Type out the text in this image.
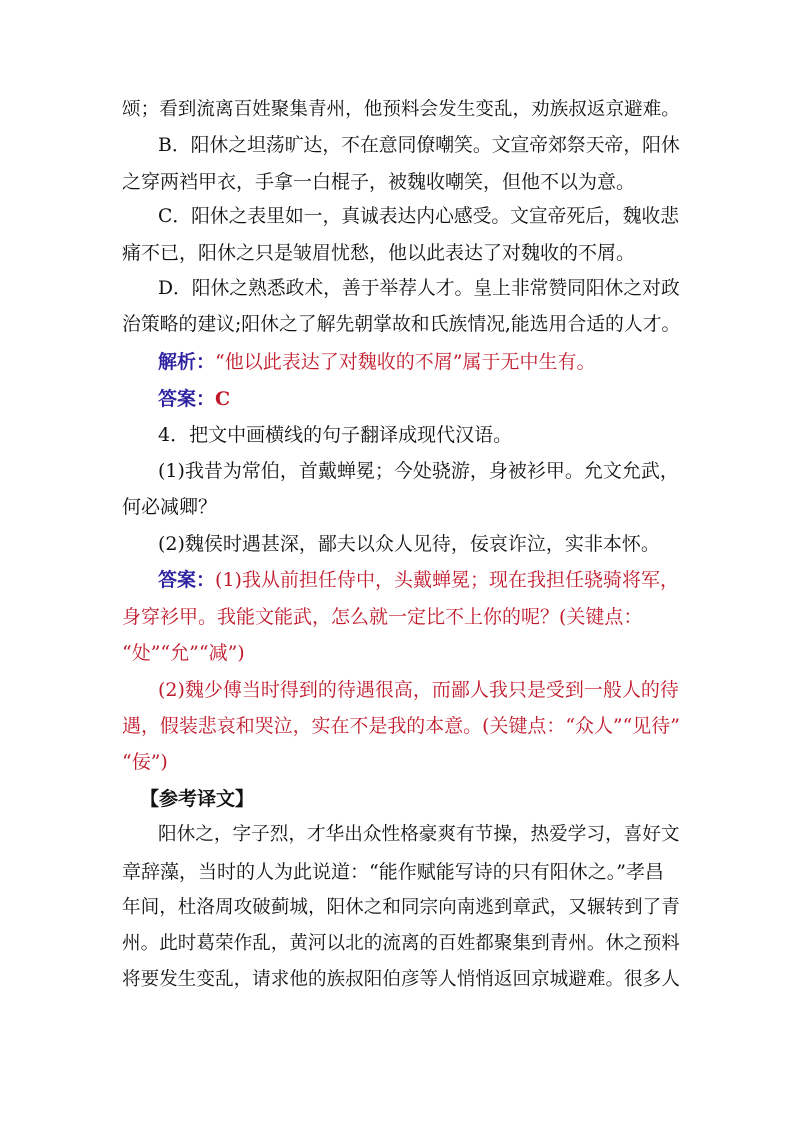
颂；看到流离百姓聚集青州，他预料会发生变乱，劝族叔返京避难。
B．阳休之坦荡旷达，不在意同僚嘲笑。文宣帝郊祭天帝，阳休
之穿两裆甲衣，手拿一白棍子，被魏收嘲笑，但他不以为意。
C．阳休之表里如一，真诚表达内心感受。文宣帝死后，魏收悲
痛不已，阳休之只是皱眉忧愁，他以此表达了对魏收的不屑。
D．阳休之熟悉政术，善于举荐人才。皇上非常赞同阳休之对政
治策略的建议;阳休之了解先朝掌故和氏族情况,能选用合适的人才。
解析：“他以此表达了对魏收的不屑”属于无中生有。
答案：C
4．把文中画横线的句子翻译成现代汉语。
(1)我昔为常伯，首戴蝉冕；今处骁游，身被衫甲。允文允武，
何必减卿？
(2)魏侯时遇甚深，鄙夫以众人见待，佞哀诈泣，实非本怀。
答案：(1)我从前担任侍中，头戴蝉冕；现在我担任骁骑将军，
身穿衫甲。我能文能武，怎么就一定比不上你的呢？(关键点：
“处”“允”“减”)
(2)魏少傅当时得到的待遇很高，而鄙人我只是受到一般人的待
遇，假装悲哀和哭泣，实在不是我的本意。(关键点：“众人”“见待”
“佞”)
【参考译文】
阳休之，字子烈，才华出众性格豪爽有节操，热爱学习，喜好文
章辞藻，当时的人为此说道：“能作赋能写诗的只有阳休之。”孝昌
年间，杜洛周攻破蓟城，阳休之和同宗向南逃到章武，又辗转到了青
州。此时葛荣作乱，黄河以北的流离的百姓都聚集到青州。休之预料
将要发生变乱，请求他的族叔阳伯彦等人悄悄返回京城避难。很多人
